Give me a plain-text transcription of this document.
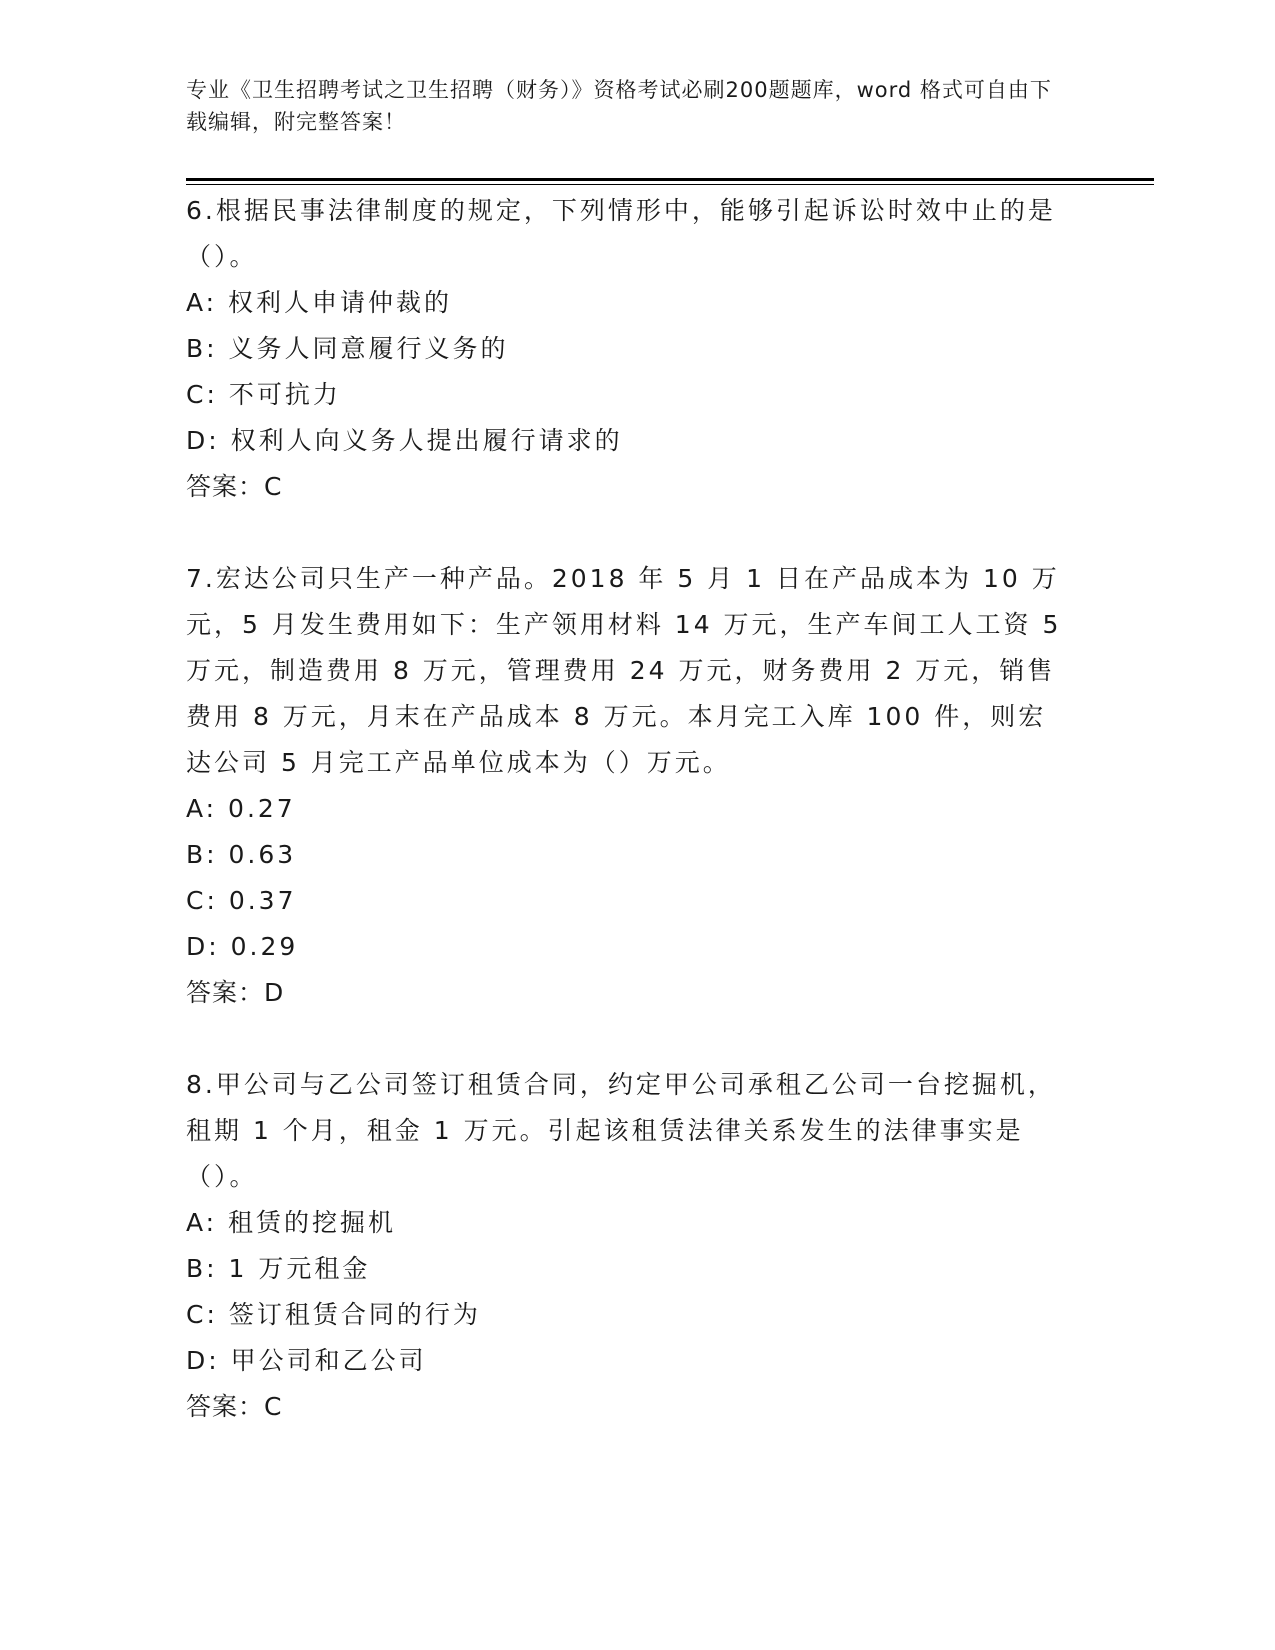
专业《卫生招聘考试之卫生招聘（财务）》资格考试必刷200题题库，word 格式可自由下载编辑，附完整答案！

6.根据民事法律制度的规定，下列情形中，能够引起诉讼时效中止的是（）。

A: 权利人申请仲裁的

B: 义务人同意履行义务的

C: 不可抗力

D: 权利人向义务人提出履行请求的

答案：C

7.宏达公司只生产一种产品。2018 年 5 月 1 日在产品成本为 10 万元，5 月发生费用如下：生产领用材料 14 万元，生产车间工人工资 5 万元，制造费用 8 万元，管理费用 24 万元，财务费用 2 万元，销售费用 8 万元，月末在产品成本 8 万元。本月完工入库 100 件，则宏达公司 5 月完工产品单位成本为（）万元。

A: 0.27

B: 0.63

C: 0.37

D: 0.29

答案：D

8.甲公司与乙公司签订租赁合同，约定甲公司承租乙公司一台挖掘机，租期 1 个月，租金 1 万元。引起该租赁法律关系发生的法律事实是（）。

A: 租赁的挖掘机

B: 1 万元租金

C: 签订租赁合同的行为

D: 甲公司和乙公司

答案：C
